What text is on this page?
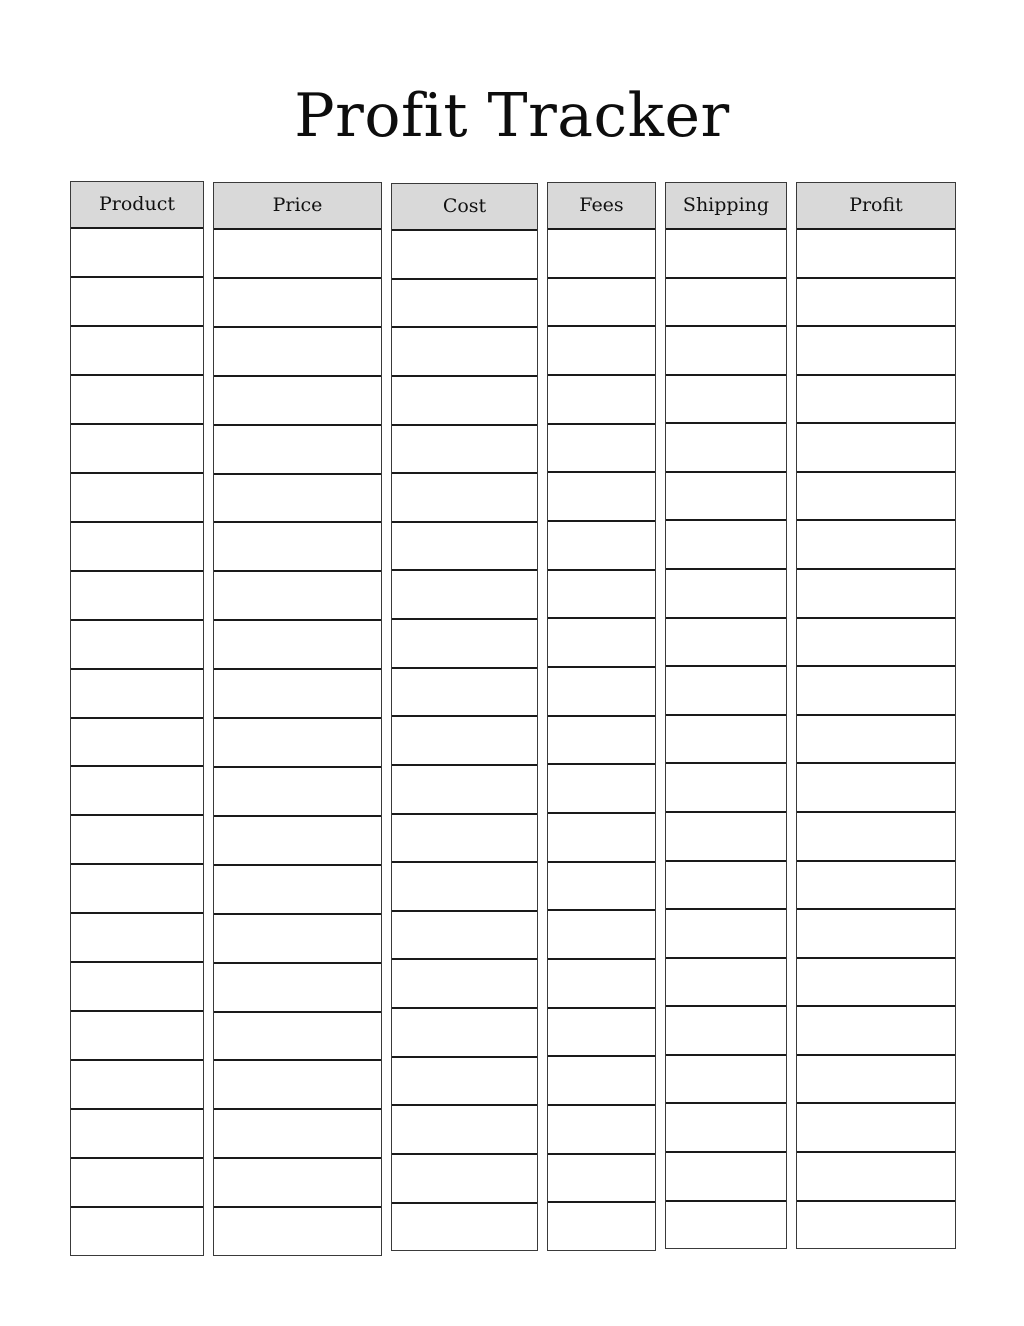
Profit Tracker
Product	Price	Cost	Fees	Shipping	Profit
